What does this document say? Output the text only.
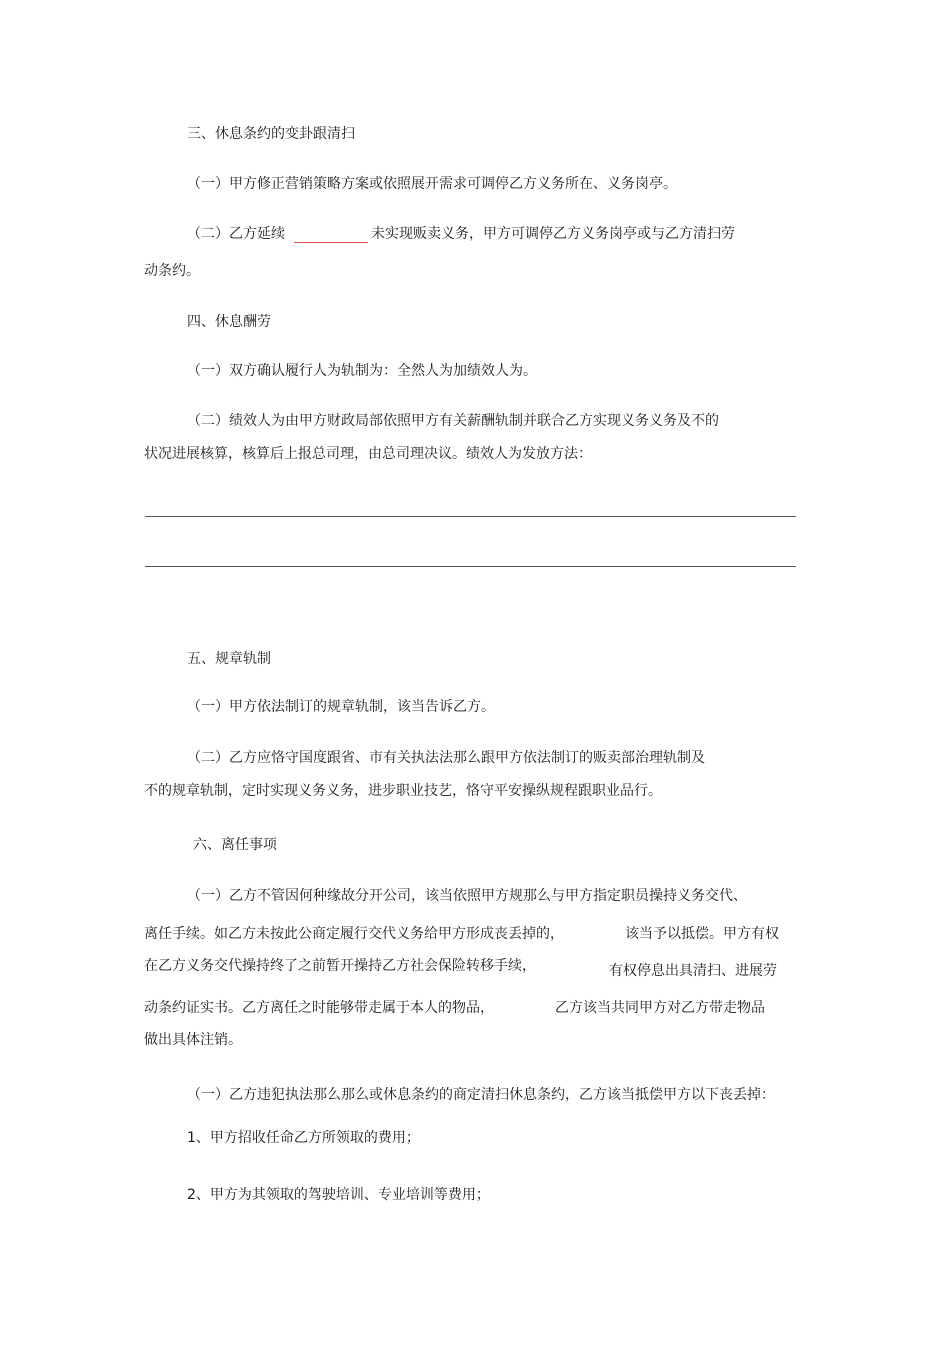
三、休息条约的变卦跟清扫
（一）甲方修正营销策略方案或依照展开需求可调停乙方义务所在、义务岗亭。
（二）乙方延续	未实现贩卖义务，甲方可调停乙方义务岗亭或与乙方清扫劳
动条约。
四、休息酬劳
（一）双方确认履行人为轨制为：全然人为加绩效人为。
（二）绩效人为由甲方财政局部依照甲方有关薪酬轨制并联合乙方实现义务义务及不的
状况进展核算，核算后上报总司理，由总司理决议。绩效人为发放方法：
五、规章轨制
（一）甲方依法制订的规章轨制，该当告诉乙方。
（二）乙方应恪守国度跟省、市有关执法法那么跟甲方依法制订的贩卖部治理轨制及
不的规章轨制，定时实现义务义务，进步职业技艺，恪守平安操纵规程跟职业品行。
六、离任事项
（一）乙方不管因何种缘故分开公司，该当依照甲方规那么与甲方指定职员操持义务交代、
离任手续。如乙方未按此公商定履行交代义务给甲方形成丧丢掉的，	该当予以抵偿。甲方有权
在乙方义务交代操持终了之前暂开操持乙方社会保险转移手续，	有权停息出具清扫、进展劳
动条约证实书。乙方离任之时能够带走属于本人的物品，	乙方该当共同甲方对乙方带走物品
做出具体注销。
（一）乙方违犯执法那么那么或休息条约的商定清扫休息条约，乙方该当抵偿甲方以下丧丢掉：
1、甲方招收任命乙方所领取的费用；
2、甲方为其领取的驾驶培训、专业培训等费用；
